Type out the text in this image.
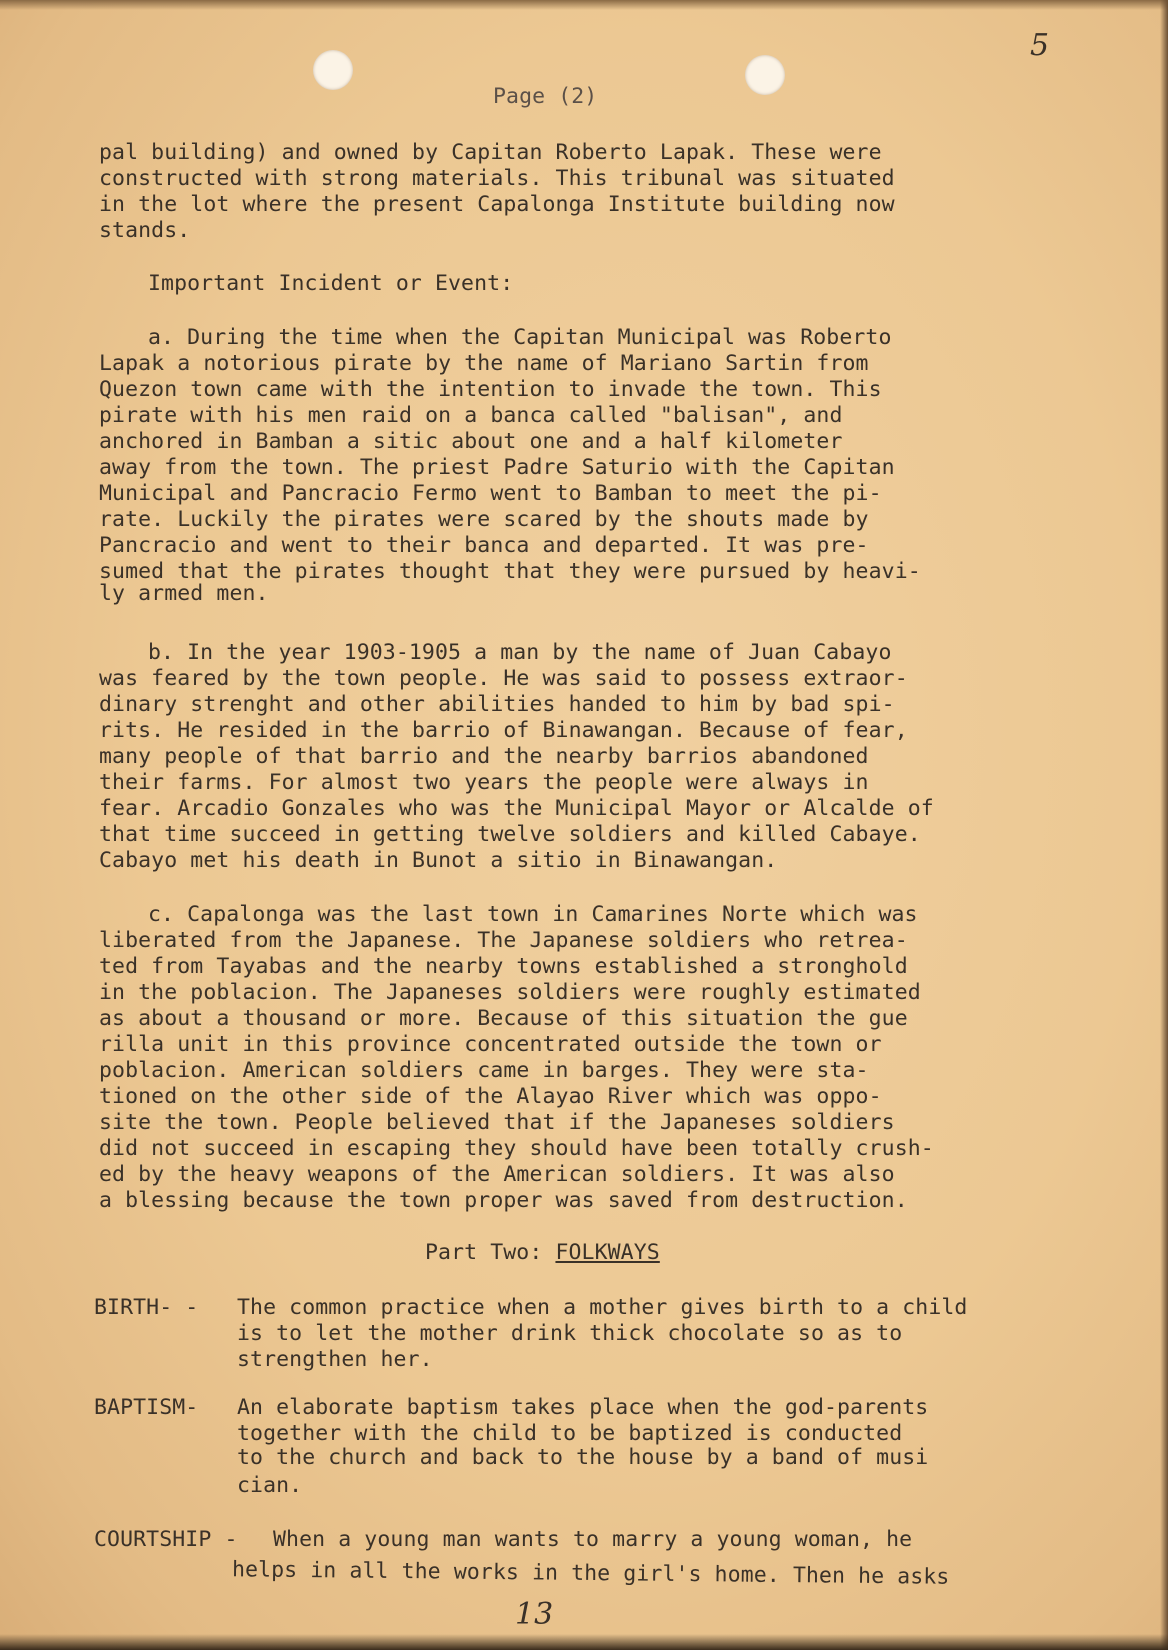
5
Page (2)
pal building) and owned by Capitan Roberto Lapak. These were
constructed with strong materials. This tribunal was situated
in the lot where the present Capalonga Institute building now
stands.
Important Incident or Event:
a. During the time when the Capitan Municipal was Roberto
Lapak a notorious pirate by the name of Mariano Sartin from
Quezon town came with the intention to invade the town. This
pirate with his men raid on a banca called "balisan", and
anchored in Bamban a sitic about one and a half kilometer
away from the town. The priest Padre Saturio with the Capitan
Municipal and Pancracio Fermo went to Bamban to meet the pi-
rate. Luckily the pirates were scared by the shouts made by
Pancracio and went to their banca and departed. It was pre-
sumed that the pirates thought that they were pursued by heavi-
ly armed men.
b. In the year 1903-1905 a man by the name of Juan Cabayo
was feared by the town people. He was said to possess extraor-
dinary strenght and other abilities handed to him by bad spi-
rits. He resided in the barrio of Binawangan. Because of fear,
many people of that barrio and the nearby barrios abandoned
their farms. For almost two years the people were always in
fear. Arcadio Gonzales who was the Municipal Mayor or Alcalde of
that time succeed in getting twelve soldiers and killed Cabaye.
Cabayo met his death in Bunot a sitio in Binawangan.
c. Capalonga was the last town in Camarines Norte which was
liberated from the Japanese. The Japanese soldiers who retrea-
ted from Tayabas and the nearby towns established a stronghold
in the poblacion. The Japaneses soldiers were roughly estimated
as about a thousand or more. Because of this situation the gue
rilla unit in this province concentrated outside the town or
poblacion. American soldiers came in barges. They were sta-
tioned on the other side of the Alayao River which was oppo-
site the town. People believed that if the Japaneses soldiers
did not succeed in escaping they should have been totally crush-
ed by the heavy weapons of the American soldiers. It was also
a blessing because the town proper was saved from destruction.
Part Two: FOLKWAYS
BIRTH- - The common practice when a mother gives birth to a child
is to let the mother drink thick chocolate so as to
strengthen her.
BAPTISM- An elaborate baptism takes place when the god-parents
together with the child to be baptized is conducted
to the church and back to the house by a band of musi
cian.
COURTSHIP - When a young man wants to marry a young woman, he
helps in all the works in the girl's home. Then he asks
13
